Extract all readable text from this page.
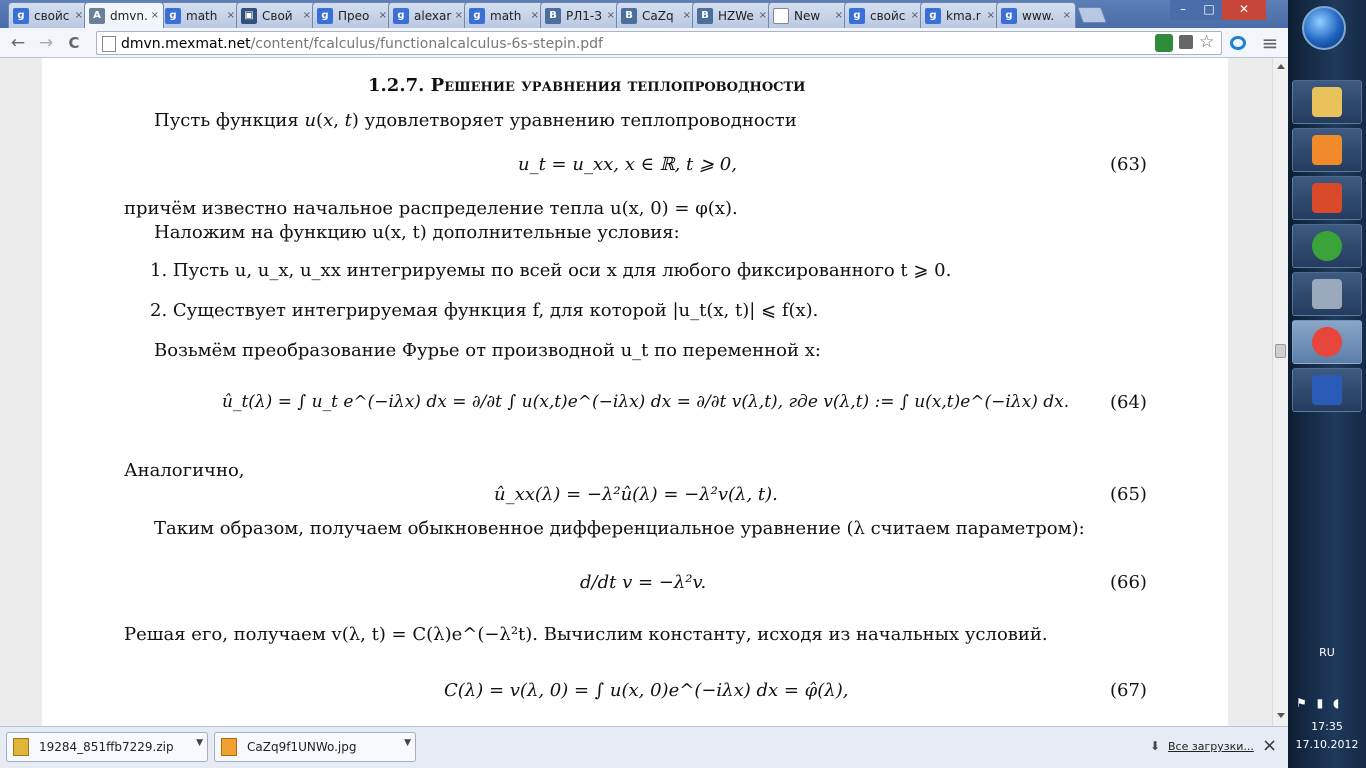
g свойс ×	A dmvn. ×	g math × ▣ Свой	×	g Прео ×	g alexar ×	g math ×	B РЛ1-З ×	B CaZq ×	B HZWe × New	×	g свойс ×	g kma.r ×	g www. ×	–	□	✕
← → C	dmvn.mexmat.net/content/fcalculus/functionalcalculus-6s-stepin.pdf	☆ ≡
1.2.7. Решение уравнения теплопроводности
Пусть функция u(x, t) удовлетворяет уравнению теплопроводности
u_t = u_xx, x ∈ ℝ, t ⩾ 0,	(63)
причём известно начальное распределение тепла u(x, 0) = φ(x).
Наложим на функцию u(x, t) дополнительные условия:
1. Пусть u, u_x, u_xx интегрируемы по всей оси x для любого фиксированного t ⩾ 0.
2. Существует интегрируемая функция f, для которой |u_t(x, t)| ⩽ f(x).
Возьмём преобразование Фурье от производной u_t по переменной x:
û_t(λ) = ∫ u_t e^(−iλx) dx = ∂/∂t ∫ u(x,t)e^(−iλx) dx = ∂/∂t v(λ,t), где v(λ,t) := ∫ u(x,t)e^(−iλx) dx. (64)
Аналогично,
û_xx(λ) = −λ²û(λ) = −λ²v(λ, t).	(65)
Таким образом, получаем обыкновенное дифференциальное уравнение (λ считаем параметром):
d/dt v = −λ²v.	(66)
Решая его, получаем v(λ, t) = C(λ)e^(−λ²t). Вычислим константу, исходя из начальных условий.
C(λ) = v(λ, 0) = ∫ u(x, 0)e^(−iλx) dx = φ̂(λ),	(67)
19284_851ffb7229.zip	▼	CaZq9f1UNWo.jpg	▼	⬇ Все загрузки... ×
RU
⚑ ▮ ◖
17:35
17.10.2012
